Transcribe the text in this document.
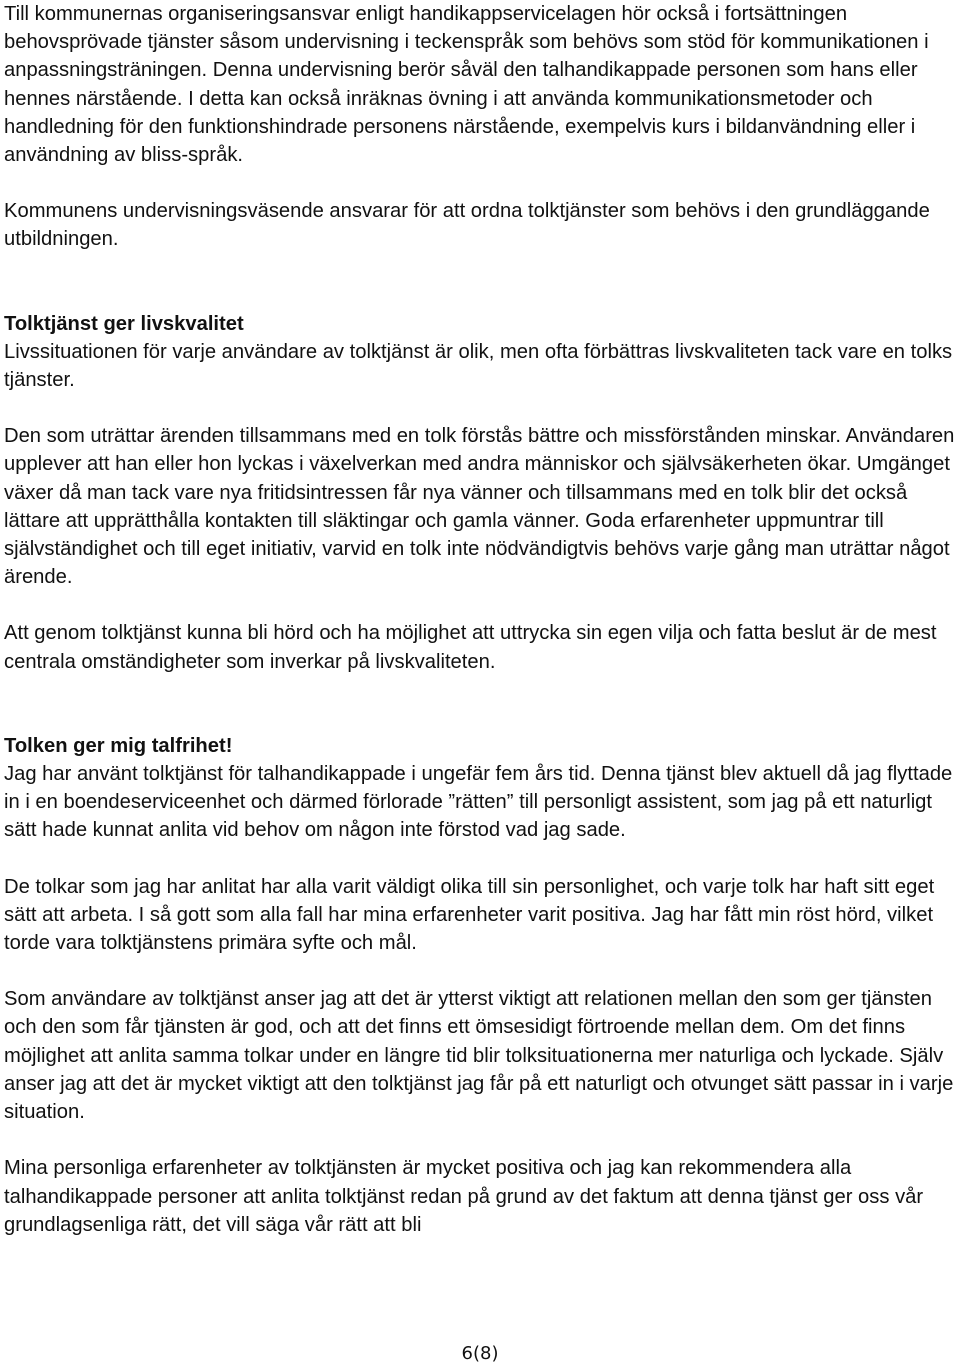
Till kommunernas organiseringsansvar enligt handikappservicelagen hör också i fortsättningen behovsprövade tjänster såsom undervisning i teckenspråk som behövs som stöd för kommunikationen i anpassningsträningen. Denna undervisning berör såväl den talhandikappade personen som hans eller hennes närstående. I detta kan också inräknas övning i att använda kommunikationsmetoder och handledning för den funktionshindrade personens närstående, exempelvis kurs i bildanvändning eller i användning av bliss-språk.

Kommunens undervisningsväsende ansvarar för att ordna tolktjänster som behövs i den grundläggande utbildningen.

Tolktjänst ger livskvalitet

Livssituationen för varje användare av tolktjänst är olik, men ofta förbättras livskvaliteten tack vare en tolks tjänster.

Den som uträttar ärenden tillsammans med en tolk förstås bättre och missförstånden minskar. Användaren upplever att han eller hon lyckas i växelverkan med andra människor och självsäkerheten ökar. Umgänget växer då man tack vare nya fritidsintressen får nya vänner och tillsammans med en tolk blir det också lättare att upprätthålla kontakten till släktingar och gamla vänner. Goda erfarenheter uppmuntrar till självständighet och till eget initiativ, varvid en tolk inte nödvändigtvis behövs varje gång man uträttar något ärende.

Att genom tolktjänst kunna bli hörd och ha möjlighet att uttrycka sin egen vilja och fatta beslut är de mest centrala omständigheter som inverkar på livskvaliteten.

Tolken ger mig talfrihet!

Jag har använt tolktjänst för talhandikappade i ungefär fem års tid. Denna tjänst blev aktuell då jag flyttade in i en boendeserviceenhet och därmed förlorade ”rätten” till personligt assistent, som jag på ett naturligt sätt hade kunnat anlita vid behov om någon inte förstod vad jag sade.

De tolkar som jag har anlitat har alla varit väldigt olika till sin personlighet, och varje tolk har haft sitt eget sätt att arbeta. I så gott som alla fall har mina erfarenheter varit positiva. Jag har fått min röst hörd, vilket torde vara tolktjänstens primära syfte och mål.

Som användare av tolktjänst anser jag att det är ytterst viktigt att relationen mellan den som ger tjänsten och den som får tjänsten är god, och att det finns ett ömsesidigt förtroende mellan dem. Om det finns möjlighet att anlita samma tolkar under en längre tid blir tolksituationerna mer naturliga och lyckade. Själv anser jag att det är mycket viktigt att den tolktjänst jag får på ett naturligt och otvunget sätt passar in i varje situation.

Mina personliga erfarenheter av tolktjänsten är mycket positiva och jag kan rekommendera alla talhandikappade personer att anlita tolktjänst redan på grund av det faktum att denna tjänst ger oss vår grundlagsenliga rätt, det vill säga vår rätt att bli

6(8)
